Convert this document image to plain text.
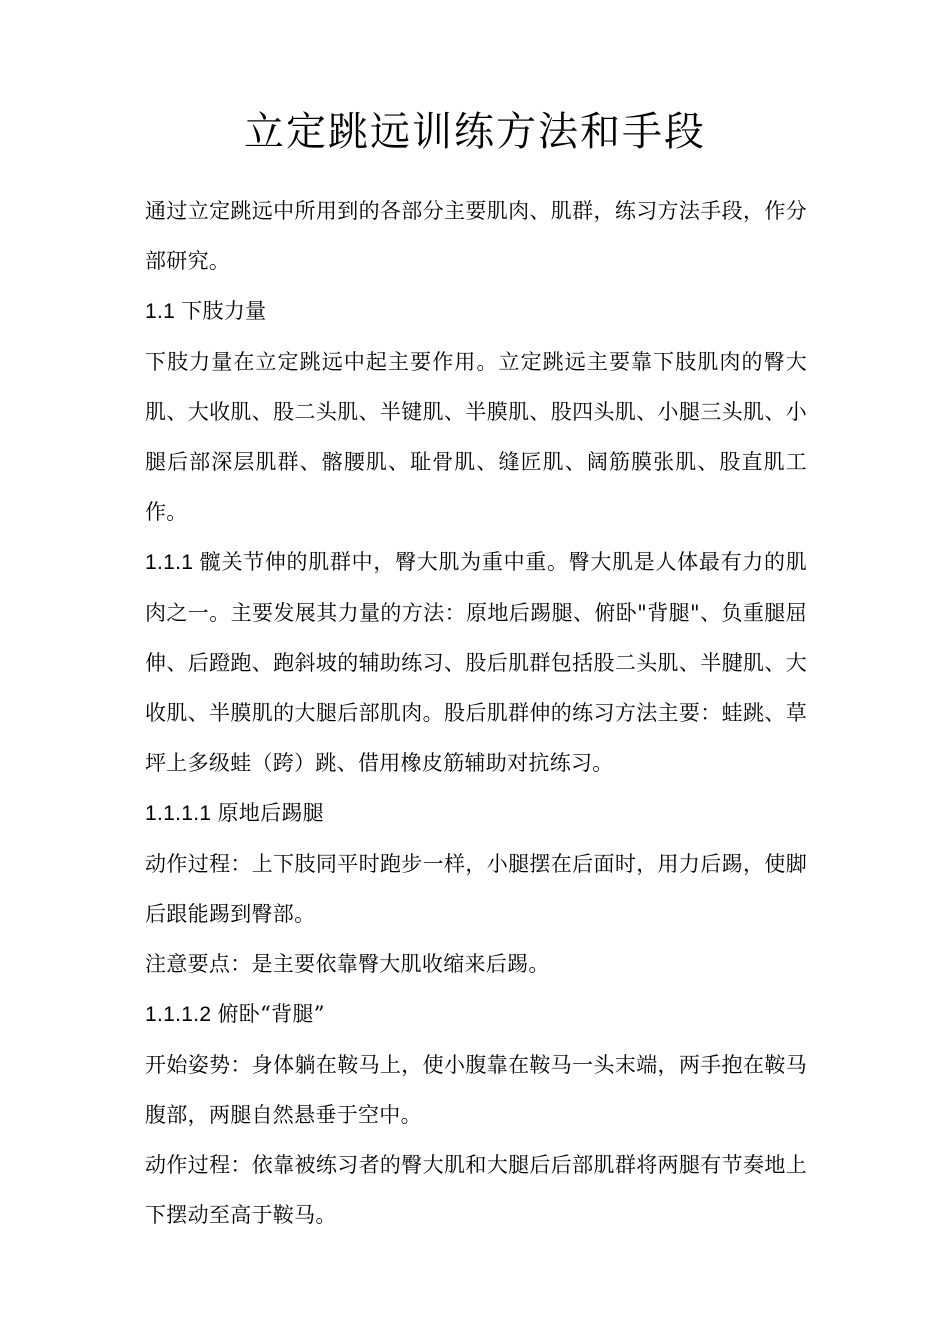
立定跳远训练方法和手段

通过立定跳远中所用到的各部分主要肌肉、肌群，练习方法手段，作分部研究。

1.1 下肢力量

下肢力量在立定跳远中起主要作用。立定跳远主要靠下肢肌肉的臀大肌、大收肌、股二头肌、半键肌、半膜肌、股四头肌、小腿三头肌、小腿后部深层肌群、髂腰肌、耻骨肌、缝匠肌、阔筋膜张肌、股直肌工作。

1.1.1 髋关节伸的肌群中，臀大肌为重中重。臀大肌是人体最有力的肌肉之一。主要发展其力量的方法：原地后踢腿、俯卧"背腿"、负重腿屈伸、后蹬跑、跑斜坡的辅助练习、股后肌群包括股二头肌、半腱肌、大收肌、半膜肌的大腿后部肌肉。股后肌群伸的练习方法主要：蛙跳、草坪上多级蛙（跨）跳、借用橡皮筋辅助对抗练习。

1.1.1.1 原地后踢腿

动作过程：上下肢同平时跑步一样，小腿摆在后面时，用力后踢，使脚后跟能踢到臀部。

注意要点：是主要依靠臀大肌收缩来后踢。

1.1.1.2 俯卧“背腿”

开始姿势：身体躺在鞍马上，使小腹靠在鞍马一头末端，两手抱在鞍马腹部，两腿自然悬垂于空中。

动作过程：依靠被练习者的臀大肌和大腿后后部肌群将两腿有节奏地上下摆动至高于鞍马。
